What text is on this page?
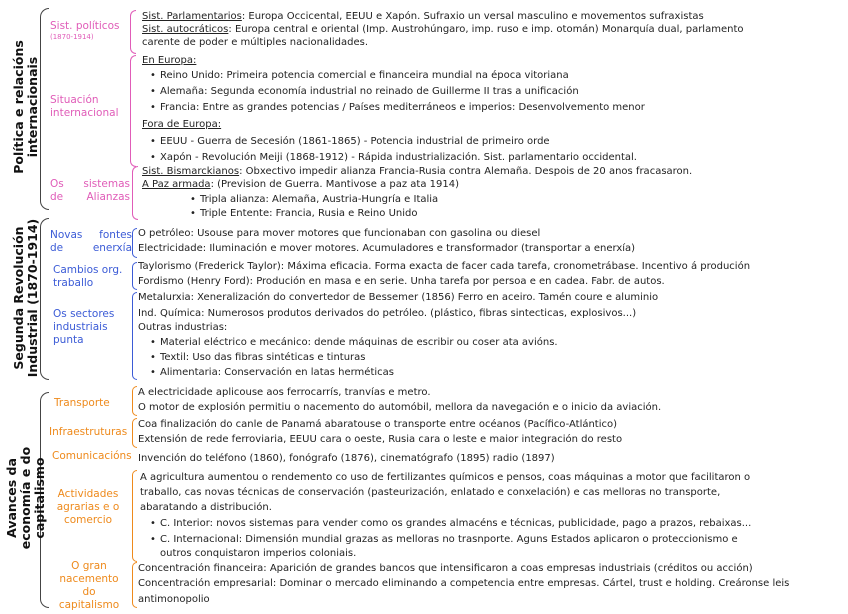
Política e relacións internacionais
Segunda Revolución Industrial (1870-1914)
Avances da economía e do capitalismo
Sist. políticos
(1870-1914)
Situación internacional
Os sistemas de Alianzas
Novas fontes de enerxía
Cambios org. traballo
Os sectores industriais punta
Transporte
Infraestruturas
Comunicacións
Actividades agrarias e o comercio
O gran nacemento do capitalismo
Sist. Parlamentarios: Europa Occicental, EEUU e Xapón. Sufraxio un versal masculino e movementos sufraxistas
Sist. autocráticos: Europa central e oriental (Imp. Austrohúngaro, imp. ruso e imp. otomán) Monarquía dual, parlamento
carente de poder e múltiples nacionalidades.
En Europa:
• Reino Unido: Primeira potencia comercial e financeira mundial na época vitoriana
• Alemaña: Segunda economía industrial no reinado de Guillerme II tras a unificación
• Francia: Entre as grandes potencias / Países mediterráneos e imperios: Desenvolvemento menor
Fora de Europa:
• EEUU - Guerra de Secesión (1861-1865) - Potencia industrial de primeiro orde
• Xapón - Revolución Meiji (1868-1912) - Rápida industrialización. Sist. parlamentario occidental.
Sist. Bismarckianos: Obxectivo impedir alianza Francia-Rusia contra Alemaña. Despois de 20 anos fracasaron.
A Paz armada: (Prevision de Guerra. Mantivose a paz ata 1914)
• Tripla alianza: Alemaña, Austria-Hungría e Italia
• Triple Entente: Francia, Rusia e Reino Unido
O petróleo: Usouse para mover motores que funcionaban con gasolina ou diesel
Electricidade: Iluminación e mover motores. Acumuladores e transformador (transportar a enerxía)
Taylorismo (Frederick Taylor): Máxima eficacia. Forma exacta de facer cada tarefa, cronometrábase. Incentivo á produción
Fordismo (Henry Ford): Produción en masa e en serie. Unha tarefa por persoa e en cadea. Fabr. de autos.
Metalurxia: Xeneralización do convertedor de Bessemer (1856) Ferro en aceiro. Tamén coure e aluminio
Ind. Química: Numerosos produtos derivados do petróleo. (plástico, fibras sintecticas, explosivos...)
Outras industrias:
• Material eléctrico e mecánico: dende máquinas de escribir ou coser ata avións.
• Textil: Uso das fibras sintéticas e tinturas
• Alimentaria: Conservación en latas herméticas
A electricidade aplicouse aos ferrocarrís, tranvías e metro.
O motor de explosión permitiu o nacemento do automóbil, mellora da navegación e o inicio da aviación.
Coa finalización do canle de Panamá abaratouse o transporte entre océanos (Pacífico-Atlántico)
Extensión de rede ferroviaria, EEUU cara o oeste, Rusia cara o leste e maior integración do resto
Invención do teléfono (1860), fonógrafo (1876), cinematógrafo (1895) radio (1897)
A agricultura aumentou o rendemento co uso de fertilizantes químicos e pensos, coas máquinas a motor que facilitaron o
traballo, cas novas técnicas de conservación (pasteurización, enlatado e conxelación) e cas melloras no transporte,
abaratando a distribución.
• C. Interior: novos sistemas para vender como os grandes almacéns e técnicas, publicidade, pago a prazos, rebaixas...
• C. Internacional: Dimensión mundial grazas as melloras no trasnporte. Aguns Estados aplicaron o proteccionismo e
outros conquistaron imperios coloniais.
Concentración financeira: Aparición de grandes bancos que intensificaron a coas empresas industriais (créditos ou acción)
Concentración empresarial: Dominar o mercado eliminando a competencia entre empresas. Cártel, trust e holding. Creáronse leis
antimonopolio
